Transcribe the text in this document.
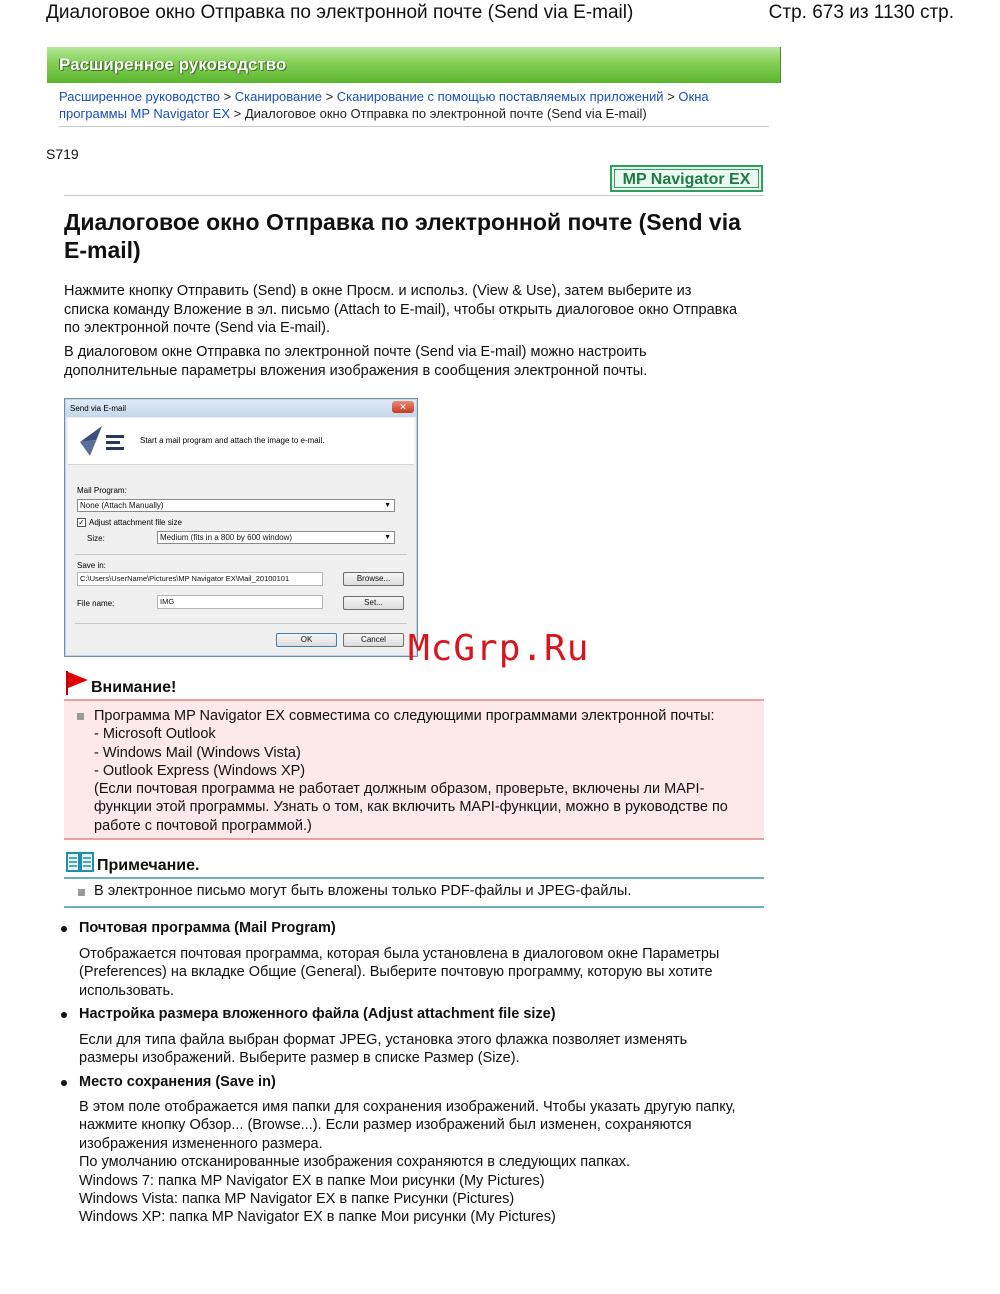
Диалоговое окно Отправка по электронной почте (Send via E-mail)	Стр. 673 из 1130 стр.
Расширенное руководство
Расширенное руководство > Сканирование > Сканирование с помощью поставляемых приложений > Окна
программы MP Navigator EX > Диалоговое окно Отправка по электронной почте (Send via E-mail)
S719
MP Navigator EX
Диалоговое окно Отправка по электронной почте (Send via
E-mail)
Нажмите кнопку Отправить (Send) в окне Просм. и использ. (View & Use), затем выберите из
списка команду Вложение в эл. письмо (Attach to E-mail), чтобы открыть диалоговое окно Отправка
по электронной почте (Send via E-mail).
В диалоговом окне Отправка по электронной почте (Send via E-mail) можно настроить
дополнительные параметры вложения изображения в сообщения электронной почты.
Send via E-mail	✕
Start a mail program and attach the image to e-mail.
Mail Program:
None (Attach Manually)	▼
✓ Adjust attachment file size
Size:	Medium (fits in a 800 by 600 window)	▼
Save in:
C:\Users\UserName\Pictures\MP Navigator EX\Mail_20100101	Browse...
File name:	IMG	Set...
OK	Cancel McGrp.Ru
Внимание!
Программа MP Navigator EX совместима со следующими программами электронной почты:
- Microsoft Outlook
- Windows Mail (Windows Vista)
- Outlook Express (Windows XP)
(Если почтовая программа не работает должным образом, проверьте, включены ли MAPI-
функции этой программы. Узнать о том, как включить MAPI-функции, можно в руководстве по
работе с почтовой программой.)
Примечание.
В электронное письмо могут быть вложены только PDF-файлы и JPEG-файлы.
Почтовая программа (Mail Program)
Отображается почтовая программа, которая была установлена в диалоговом окне Параметры
(Preferences) на вкладке Общие (General). Выберите почтовую программу, которую вы хотите
использовать.
Настройка размера вложенного файла (Adjust attachment file size)
Если для типа файла выбран формат JPEG, установка этого флажка позволяет изменять
размеры изображений. Выберите размер в списке Размер (Size).
Место сохранения (Save in)
В этом поле отображается имя папки для сохранения изображений. Чтобы указать другую папку,
нажмите кнопку Обзор... (Browse...). Если размер изображений был изменен, сохраняются
изображения измененного размера.
По умолчанию отсканированные изображения сохраняются в следующих папках.
Windows 7: папка MP Navigator EX в папке Мои рисунки (My Pictures)
Windows Vista: папка MP Navigator EX в папке Рисунки (Pictures)
Windows XP: папка MP Navigator EX в папке Мои рисунки (My Pictures)
